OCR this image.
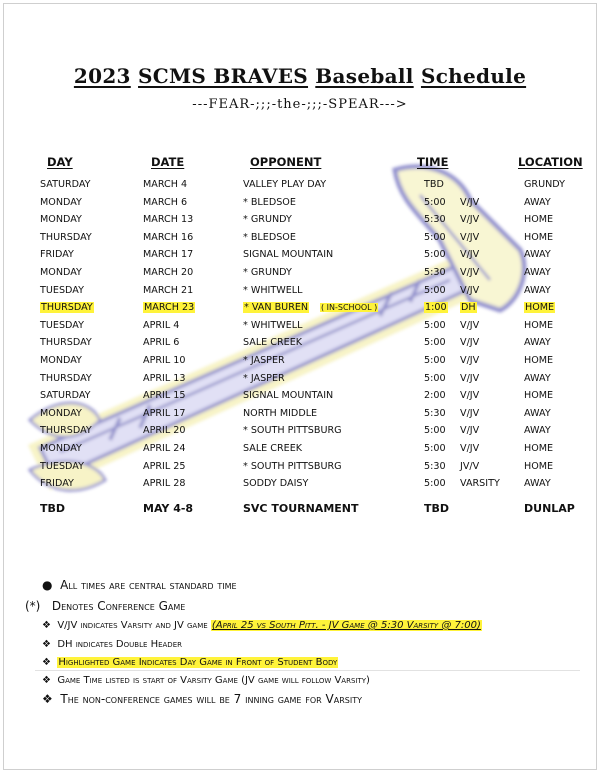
2023 SCMS BRAVES Baseball Schedule
---FEAR-;;;-the-;;;-SPEAR--->
DAY	DATE	OPPONENT	TIME	LOCATION
SATURDAY	MARCH 4	VALLEY PLAY DAY	TBD	GRUNDY
MONDAY	MARCH 6	* BLEDSOE	5:00 V/JV	AWAY
MONDAY	MARCH 13	* GRUNDY	5:30 V/JV	HOME
THURSDAY	MARCH 16	* BLEDSOE	5:00 V/JV	HOME
FRIDAY	MARCH 17	SIGNAL MOUNTAIN	5:00 V/JV	AWAY
MONDAY	MARCH 20	* GRUNDY	5:30 V/JV	AWAY
TUESDAY	MARCH 21	* WHITWELL	5:00 V/JV	AWAY
THURSDAY	MARCH 23	* VAN BUREN	1:00 DH	HOME
( IN-SCHOOL )
TUESDAY	APRIL 4	* WHITWELL	5:00 V/JV	HOME
THURSDAY	APRIL 6	SALE CREEK	5:00 V/JV	AWAY
MONDAY	APRIL 10	* JASPER	5:00 V/JV	HOME
THURSDAY	APRIL 13	* JASPER	5:00 V/JV	AWAY
SATURDAY	APRIL 15	SIGNAL MOUNTAIN	2:00 V/JV	HOME
MONDAY	APRIL 17	NORTH MIDDLE	5:30 V/JV	AWAY
THURSDAY	APRIL 20	* SOUTH PITTSBURG	5:00 V/JV	AWAY
MONDAY	APRIL 24	SALE CREEK	5:00 V/JV	HOME
TUESDAY	APRIL 25	* SOUTH PITTSBURG	5:30 JV/V	HOME
FRIDAY	APRIL 28	SODDY DAISY	5:00 VARSITY	AWAY
TBD	MAY 4-8	SVC TOURNAMENT	TBD	DUNLAP
● All times are central standard time
(*) Denotes Conference Game
❖ V/JV indicates Varsity and JV game (April 25 vs South Pitt. - JV Game @ 5:30 Varsity @ 7:00)
❖ DH indicates Double Header
❖ Highlighted Game Indicates Day Game in Front of Student Body
❖ Game Time listed is start of Varsity Game (JV game will follow Varsity)
❖ The non-conference games will be 7 inning game for Varsity
